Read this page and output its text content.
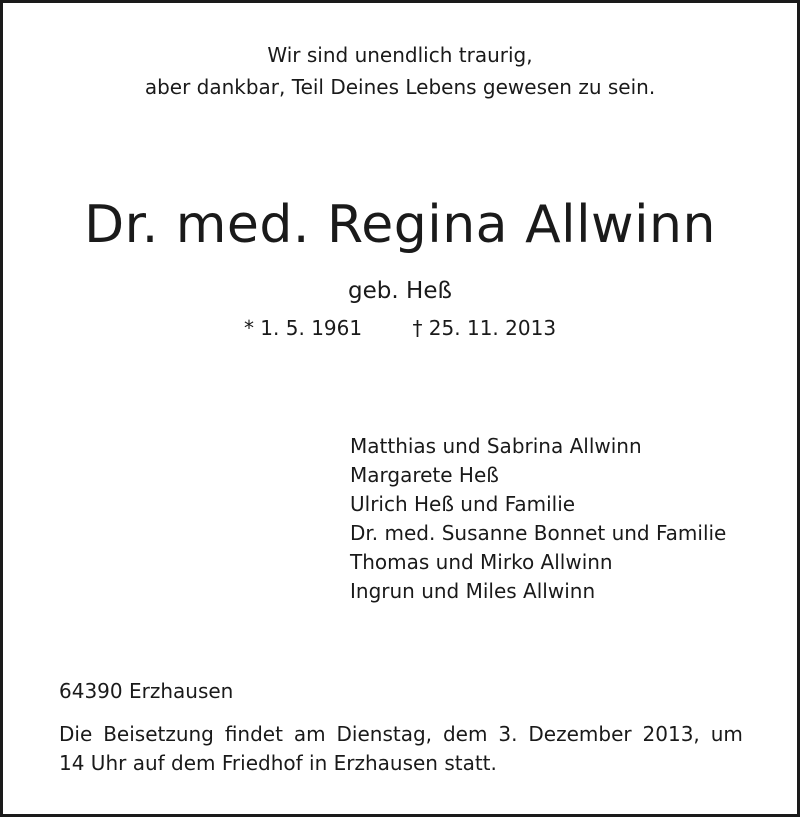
Wir sind unendlich traurig,
aber dankbar, Teil Deines Lebens gewesen zu sein.
Dr. med. Regina Allwinn
geb. Heß
* 1. 5. 1961	† 25. 11. 2013
Matthias und Sabrina Allwinn
Margarete Heß
Ulrich Heß und Familie
Dr. med. Susanne Bonnet und Familie
Thomas und Mirko Allwinn
Ingrun und Miles Allwinn
64390 Erzhausen
Die Beisetzung findet am Dienstag, dem 3. Dezember 2013, um
14 Uhr auf dem Friedhof in Erzhausen statt.
